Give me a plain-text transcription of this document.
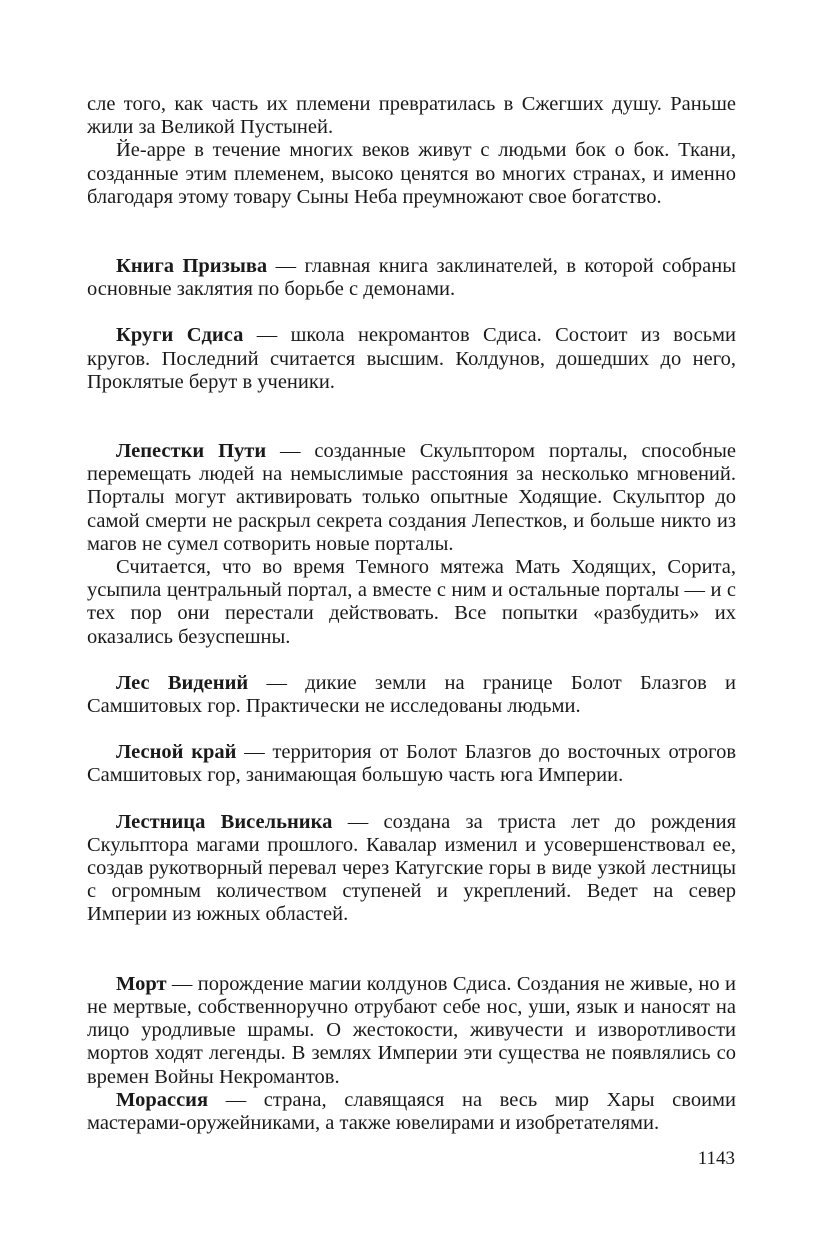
сле того, как часть их племени превратилась в Сжегших душу. Раньше жили за Великой Пустыней.

Йе-арре в течение многих веков живут с людьми бок о бок. Ткани, созданные этим племенем, высоко ценятся во многих странах, и именно благодаря этому товару Сыны Неба преумножают свое богатство.

Книга Призыва — главная книга заклинателей, в которой собраны основные заклятия по борьбе с демонами.

Круги Сдиса — школа некромантов Сдиса. Состоит из восьми кругов. Последний считается высшим. Колдунов, дошедших до него, Проклятые берут в ученики.

Лепестки Пути — созданные Скульптором порталы, способные перемещать людей на немыслимые расстояния за несколько мгновений. Порталы могут активировать только опытные Ходящие. Скульптор до самой смерти не раскрыл секрета создания Лепестков, и больше никто из магов не сумел сотворить новые порталы.

Считается, что во время Темного мятежа Мать Ходящих, Сорита, усыпила центральный портал, а вместе с ним и остальные порталы — и с тех пор они перестали действовать. Все попытки «разбудить» их оказались безуспешны.

Лес Видений — дикие земли на границе Болот Блазгов и Самшитовых гор. Практически не исследованы людьми.

Лесной край — территория от Болот Блазгов до восточных отрогов Самшитовых гор, занимающая большую часть юга Империи.

Лестница Висельника — создана за триста лет до рождения Скульптора магами прошлого. Кавалар изменил и усовершенствовал ее, создав рукотворный перевал через Катугские горы в виде узкой лестницы с огромным количеством ступеней и укреплений. Ведет на север Империи из южных областей.

Морт — порождение магии колдунов Сдиса. Создания не живые, но и не мертвые, собственноручно отрубают себе нос, уши, язык и наносят на лицо уродливые шрамы. О жестокости, живучести и изворотливости мортов ходят легенды. В землях Империи эти существа не появлялись со времен Войны Некромантов.

Морассия — страна, славящаяся на весь мир Хары своими мастерами-оружейниками, а также ювелирами и изобретателями.

1143
